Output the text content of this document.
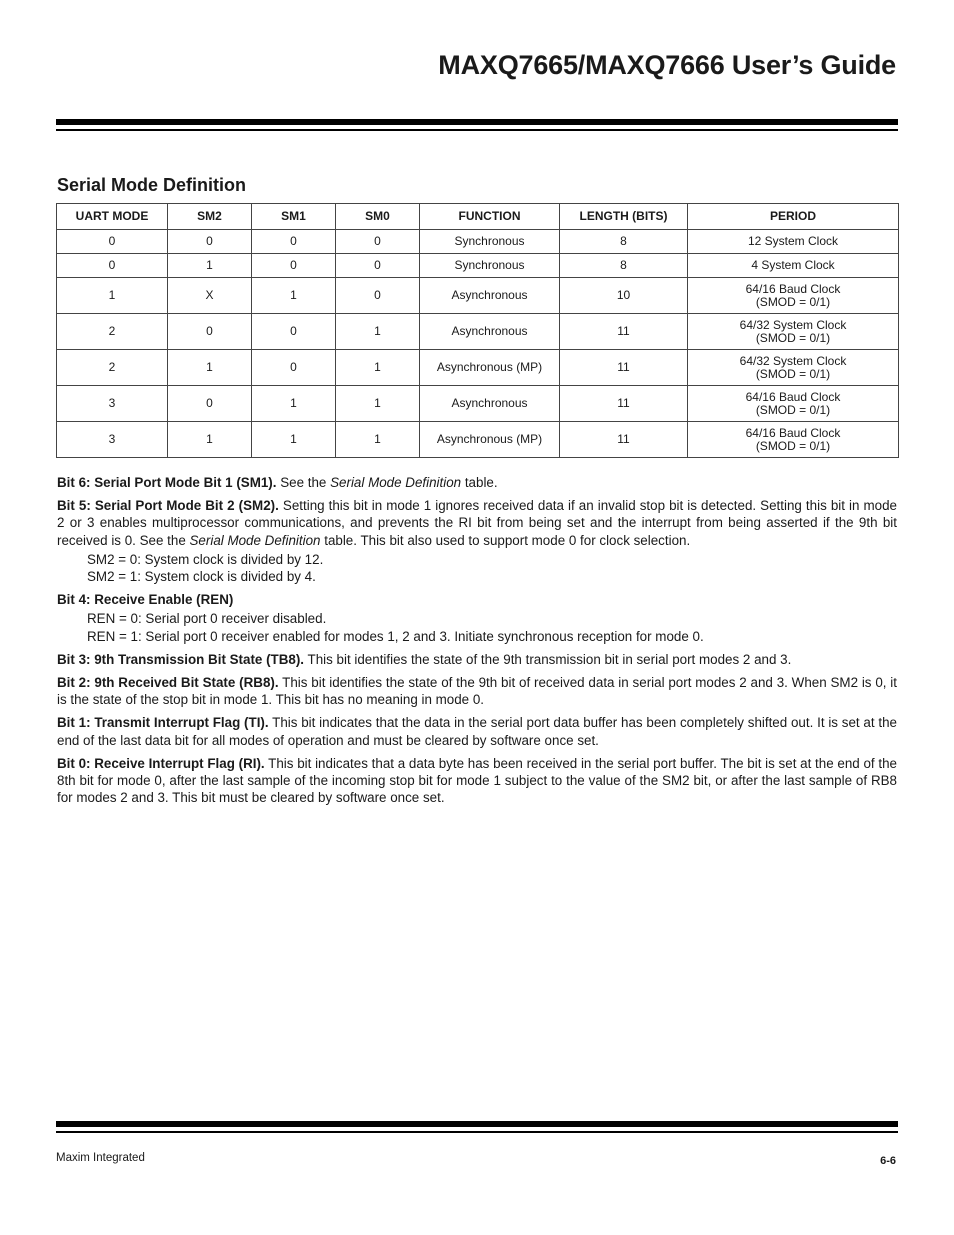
MAXQ7665/MAXQ7666 User’s Guide
Serial Mode Definition
UART MODE	SM2	SM1	SM0	FUNCTION	LENGTH (BITS)	PERIOD
0	0	0	0	Synchronous	8	12 System Clock

0	1	0	0	Synchronous	8	4 System Clock

1	X	1	0	Asynchronous	10	64/16 Baud Clock
(SMOD = 0/1)

2	0	0	1	Asynchronous	11	64/32 System Clock
(SMOD = 0/1)

2	1	0	1	Asynchronous (MP)	11	64/32 System Clock
(SMOD = 0/1)

3	0	1	1	Asynchronous	11	64/16 Baud Clock
(SMOD = 0/1)

3	1	1	1	Asynchronous (MP)	11	64/16 Baud Clock
(SMOD = 0/1)

Bit 6: Serial Port Mode Bit 1 (SM1). See the Serial Mode Definition table.

Bit 5: Serial Port Mode Bit 2 (SM2). Setting this bit in mode 1 ignores received data if an invalid stop bit is detected. Setting this bit in mode 2 or 3 enables multiprocessor communications, and prevents the RI bit from being set and the interrupt from being asserted if the 9th bit received is 0. See the Serial Mode Definition table. This bit also used to support mode 0 for clock selection.

SM2 = 0: System clock is divided by 12.

SM2 = 1: System clock is divided by 4.

Bit 4: Receive Enable (REN)

REN = 0: Serial port 0 receiver disabled.

REN = 1: Serial port 0 receiver enabled for modes 1, 2 and 3. Initiate synchronous reception for mode 0.

Bit 3: 9th Transmission Bit State (TB8). This bit identifies the state of the 9th transmission bit in serial port modes 2 and 3.

Bit 2: 9th Received Bit State (RB8). This bit identifies the state of the 9th bit of received data in serial port modes 2 and 3. When SM2 is 0, it is the state of the stop bit in mode 1. This bit has no meaning in mode 0.

Bit 1: Transmit Interrupt Flag (TI). This bit indicates that the data in the serial port data buffer has been completely shifted out. It is set at the end of the last data bit for all modes of operation and must be cleared by software once set.

Bit 0: Receive Interrupt Flag (RI). This bit indicates that a data byte has been received in the serial port buffer. The bit is set at the end of the 8th bit for mode 0, after the last sample of the incoming stop bit for mode 1 subject to the value of the SM2 bit, or after the last sample of RB8 for modes 2 and 3. This bit must be cleared by software once set.

Maxim Integrated	6-6
